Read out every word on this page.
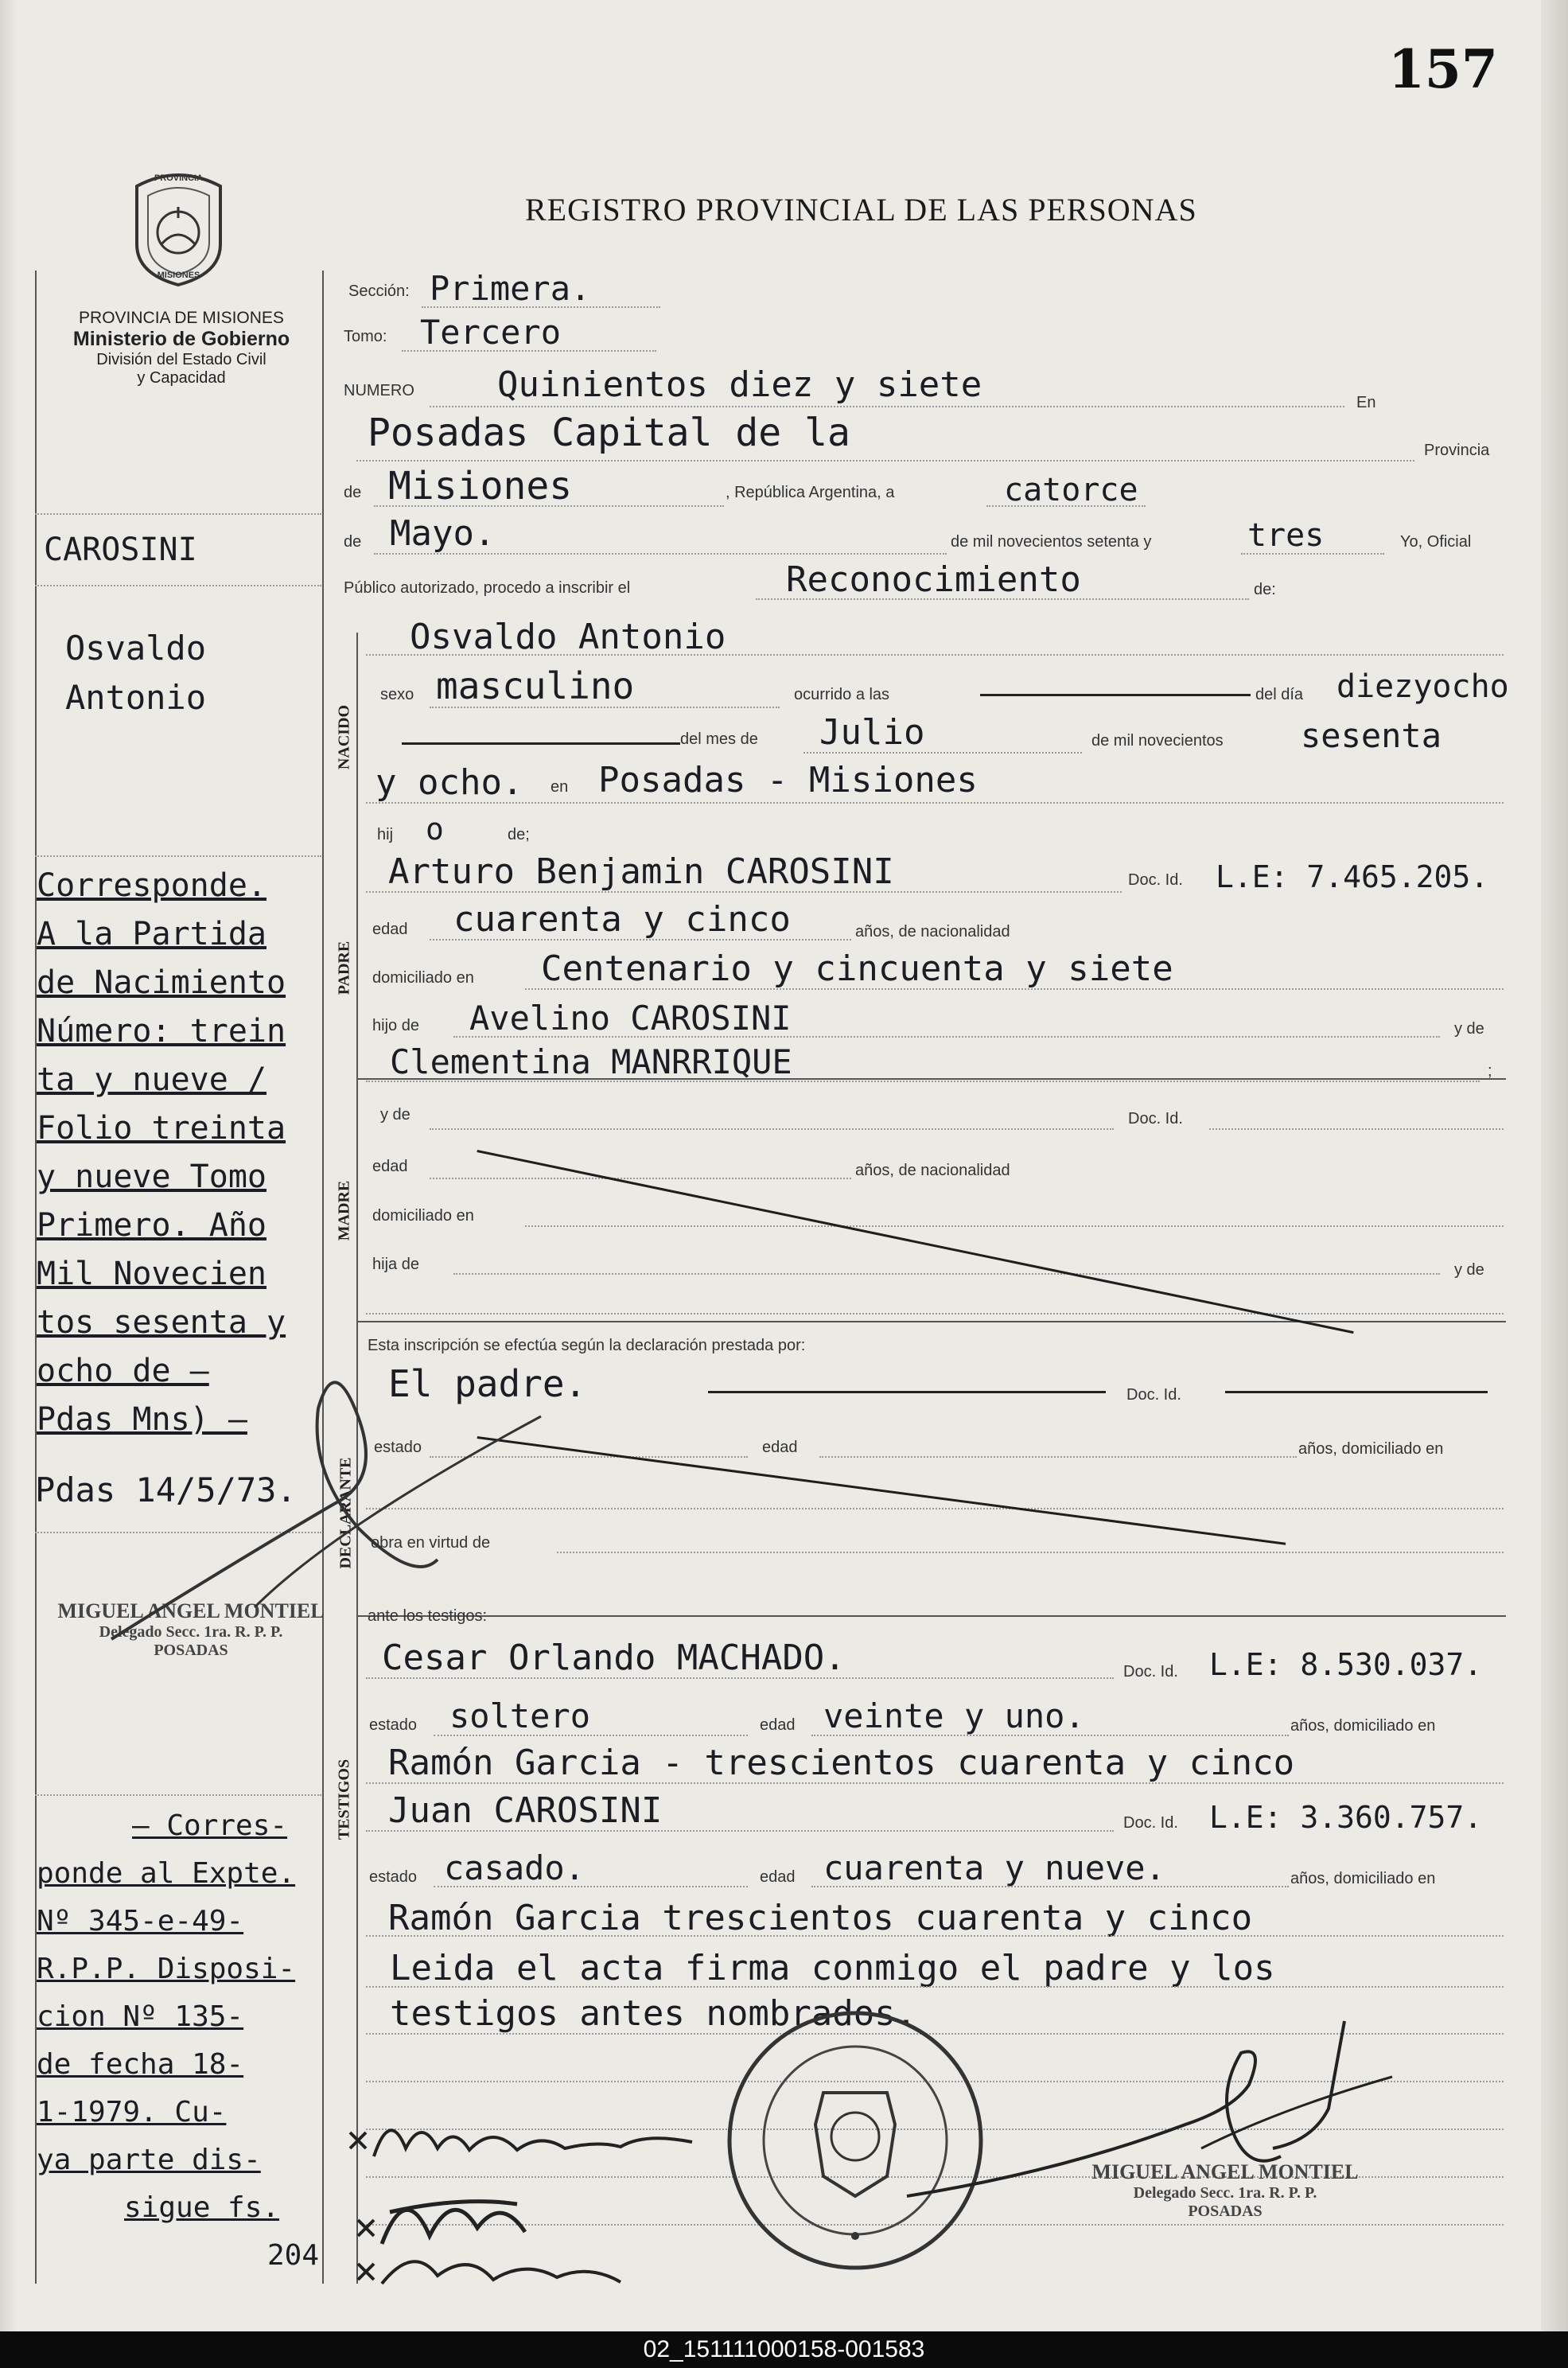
157
PROVINCIA
MISIONES
REGISTRO PROVINCIAL DE LAS PERSONAS
PROVINCIA DE MISIONES
Ministerio de Gobierno
División del Estado Civil
y Capacidad
CAROSINI
Osvaldo
Antonio
Corresponde.
A la Partida
de Nacimiento
Número: trein
ta y nueve /
Folio treinta
y nueve Tomo
Primero. Año
Mil Novecien
tos sesenta y
ocho de —
Pdas Mns) —
Pdas 14/5/73.
MIGUEL ANGEL MONTIEL
Delegado Secc. 1ra. R. P. P.
POSADAS
— Corres-
ponde al Expte.
Nº 345-e-49-
R.P.P. Disposi-
cion Nº 135-
de fecha 18-
1-1979. Cu-
ya parte dis-
sigue fs.
204
Sección: Primera.
Tomo: Tercero
NUMERO Quinientos diez y siete	En
Posadas Capital de la	Provincia
de Misiones	, República Argentina, a	catorce
de Mayo.	de mil novecientos setenta y	tres	Yo, Oficial
Público autorizado, procedo a inscribir el	Reconocimiento	de:
NACIDO
Osvaldo Antonio
sexo masculino	ocurrido a las	del día diezyocho
del mes de Julio	de mil novecientos sesenta
y ocho. en Posadas - Misiones
hij o	de;
PADRE
Arturo Benjamin CAROSINI	Doc. Id. L.E: 7.465.205.
edad cuarenta y cinco	años, de nacionalidad
domiciliado en Centenario y cincuenta y siete
hijo de Avelino CAROSINI	y de
Clementina MANRRIQUE	;
MADRE
y de	Doc. Id.
edad	años, de nacionalidad
domiciliado en
hija de	y de
Esta inscripción se efectúa según la declaración prestada por:
DECLARANTE
El padre.	Doc. Id.
estado	edad	años, domiciliado en
obra en virtud de
ante los testigos:
TESTIGOS
Cesar Orlando MACHADO.	Doc. Id. L.E: 8.530.037.
estado soltero	edad veinte y uno.	años, domiciliado en
Ramón Garcia - trescientos cuarenta y cinco
Juan CAROSINI	Doc. Id. L.E: 3.360.757.
estado casado.	edad cuarenta y nueve.	años, domiciliado en
Ramón Garcia trescientos cuarenta y cinco
Leida el acta firma conmigo el padre y los
testigos antes nombrados.
MIGUEL ANGEL MONTIEL
Delegado Secc. 1ra. R. P. P.
POSADAS
02_151111000158-001583
